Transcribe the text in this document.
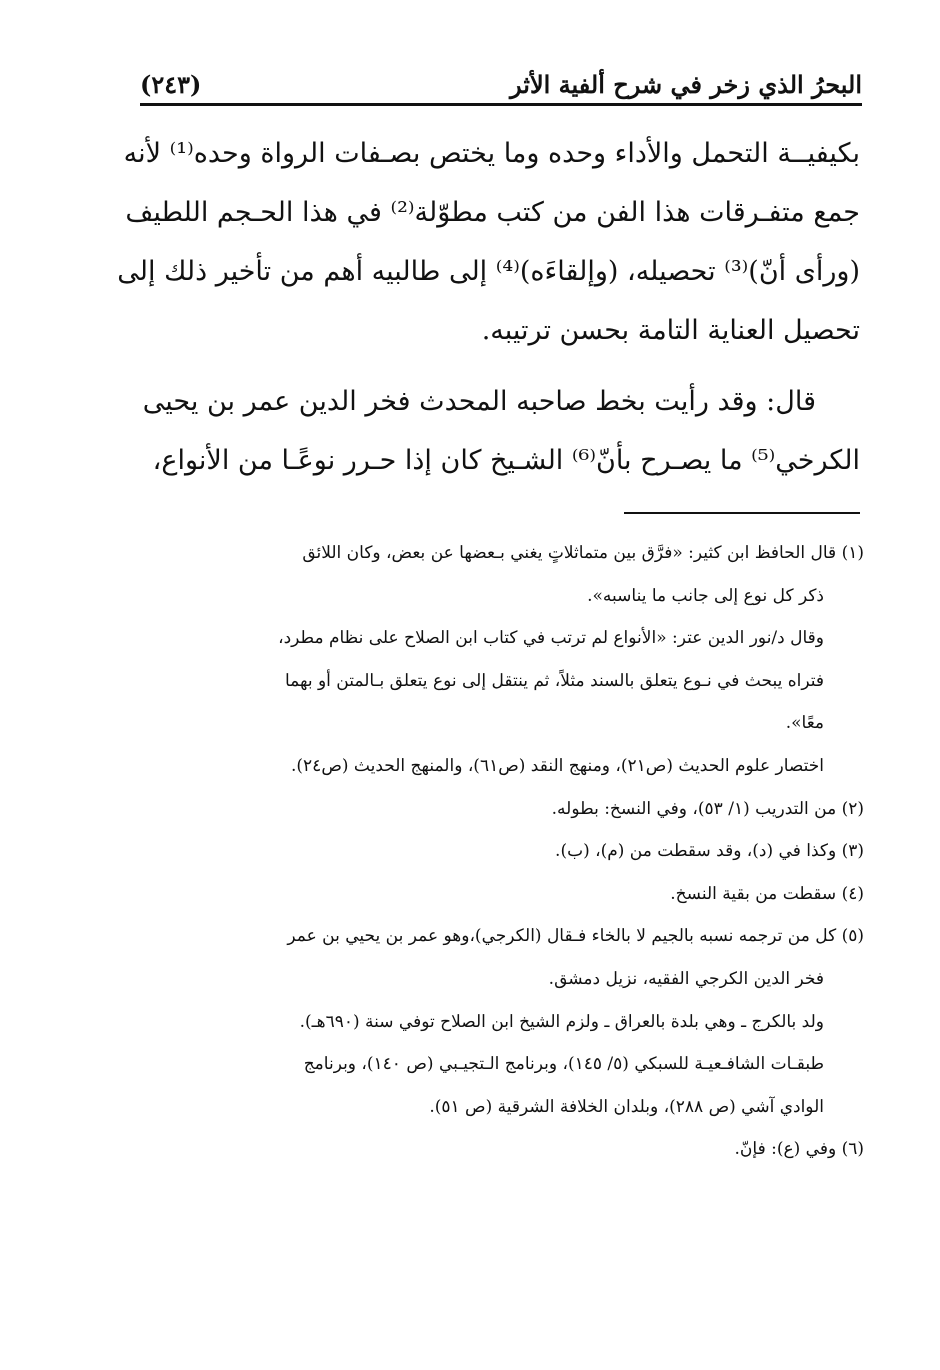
البحرُ الذي زخر في شرح ألفية الأثر
(٢٤٣)

بكيفيــة التحمل والأداء وحده وما يختص بصـفات الرواة وحده⁽¹⁾ لأنه

جمع متفـرقات هذا الفن من كتب مطوّلة⁽²⁾ في هذا الحـجم اللطيف

(ورأى أنّ)⁽³⁾ تحصيله، (وإلقاءَه)⁽⁴⁾ إلى طالبيه أهم من تأخير ذلك إلى

تحصيل العناية التامة بحسن ترتيبه.

قال: وقد رأيت بخط صاحبه المحدث فخر الدين عمر بن يحيى

الكرخي⁽⁵⁾ ما يصـرح بأنّ⁽⁶⁾ الشـيخ كان إذا حـرر نوعًـا من الأنواع،

(١) قال الحافظ ابن كثير: «فرَّق بين متماثلاتٍ يغني بـعضها عن بعض، وكان اللائق

ذكر كل نوع إلى جانب ما يناسبه».

وقال د/نور الدين عتر: «الأنواع لم ترتب في كتاب ابن الصلاح على نظام مطرد،

فتراه يبحث في نـوع يتعلق بالسند مثلاً، ثم ينتقل إلى نوع يتعلق بـالمتن أو بهما

معًا».

اختصار علوم الحديث (ص٢١)، ومنهج النقد (ص٦١)، والمنهج الحديث (ص٢٤).

(٢) من التدريب (١/ ٥٣)، وفي النسخ: بطوله.

(٣) وكذا في (د)، وقد سقطت من (م)، (ب).

(٤) سقطت من بقية النسخ.

(٥) كل من ترجمه نسبه بالجيم لا بالخاء فـقال (الكرجي)،وهو عمر بن يحيي بن عمر

فخر الدين الكرجي الفقيه، نزيل دمشق.

ولد بالكرج ـ وهي بلدة بالعراق ـ ولزم الشيخ ابن الصلاح توفي سنة (٦٩٠هـ).

طبقـات الشافـعيـة للسبكي (٥/ ١٤٥)، وبرنامج الـتجيـبي (ص ١٤٠)، وبرنامج

الوادي آشي (ص ٢٨٨)، وبلدان الخلافة الشرقية (ص ٥١).

(٦) وفي (ع): فإنّ.
